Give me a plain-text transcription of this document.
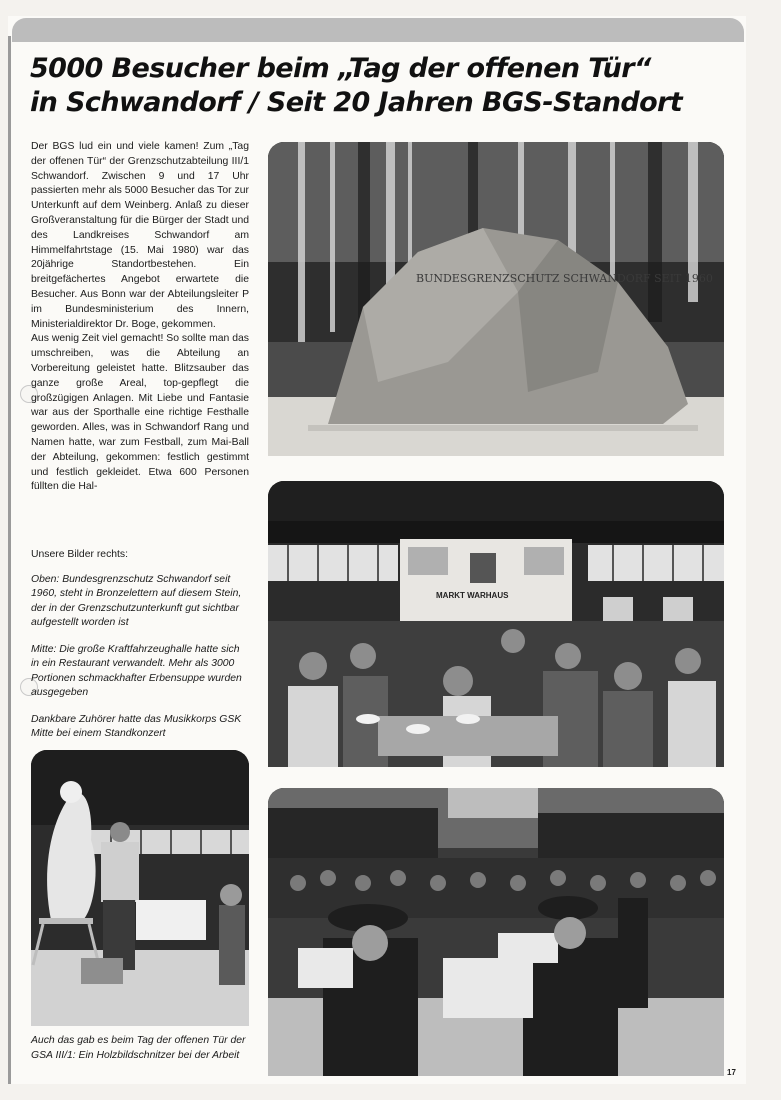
5000 Besucher beim „Tag der offenen Tür“
in Schwandorf / Seit 20 Jahren BGS-Standort

Der BGS lud ein und viele kamen! Zum „Tag der offenen Tür“ der Grenzschutzabteilung III/1 Schwandorf. Zwischen 9 und 17 Uhr passierten mehr als 5000 Besucher das Tor zur Unterkunft auf dem Weinberg. Anlaß zu dieser Großveranstaltung für die Bürger der Stadt und des Landkreises Schwandorf am Himmelfahrtstage (15. Mai 1980) war das 20jährige Standortbestehen. Ein breitgefächertes Angebot erwartete die Besucher. Aus Bonn war der Abteilungsleiter P im Bundesministerium des Innern, Ministerialdirektor Dr. Boge, gekommen.

Aus wenig Zeit viel gemacht! So sollte man das umschreiben, was die Abteilung an Vorbereitung geleistet hatte. Blitzsauber das ganze große Areal, top-gepflegt die großzügigen Anlagen. Mit Liebe und Fantasie war aus der Sporthalle eine richtige Festhalle geworden. Alles, was in Schwandorf Rang und Namen hatte, war zum Festball, zum Mai-Ball der Abteilung, gekommen: festlich gestimmt und festlich gekleidet. Etwa 600 Personen füllten die Hal-

Unsere Bilder rechts:

Oben: Bundesgrenzschutz Schwandorf seit 1960, steht in Bronzelettern auf diesem Stein, der in der Grenzschutzunterkunft gut sichtbar aufgestellt worden ist

Mitte: Die große Kraftfahrzeughalle hatte sich in ein Restaurant verwandelt. Mehr als 3000 Portionen schmackhafter Erbensuppe wurden ausgegeben

Dankbare Zuhörer hatte das Musikkorps GSK Mitte bei einem Standkonzert

BUNDESGRENZSCHUTZ SCHWANDORF SEIT 1960
MARKT WARHAUS

Auch das gab es beim Tag der offenen Tür der GSA III/1: Ein Holzbildschnitzer bei der Arbeit

17
